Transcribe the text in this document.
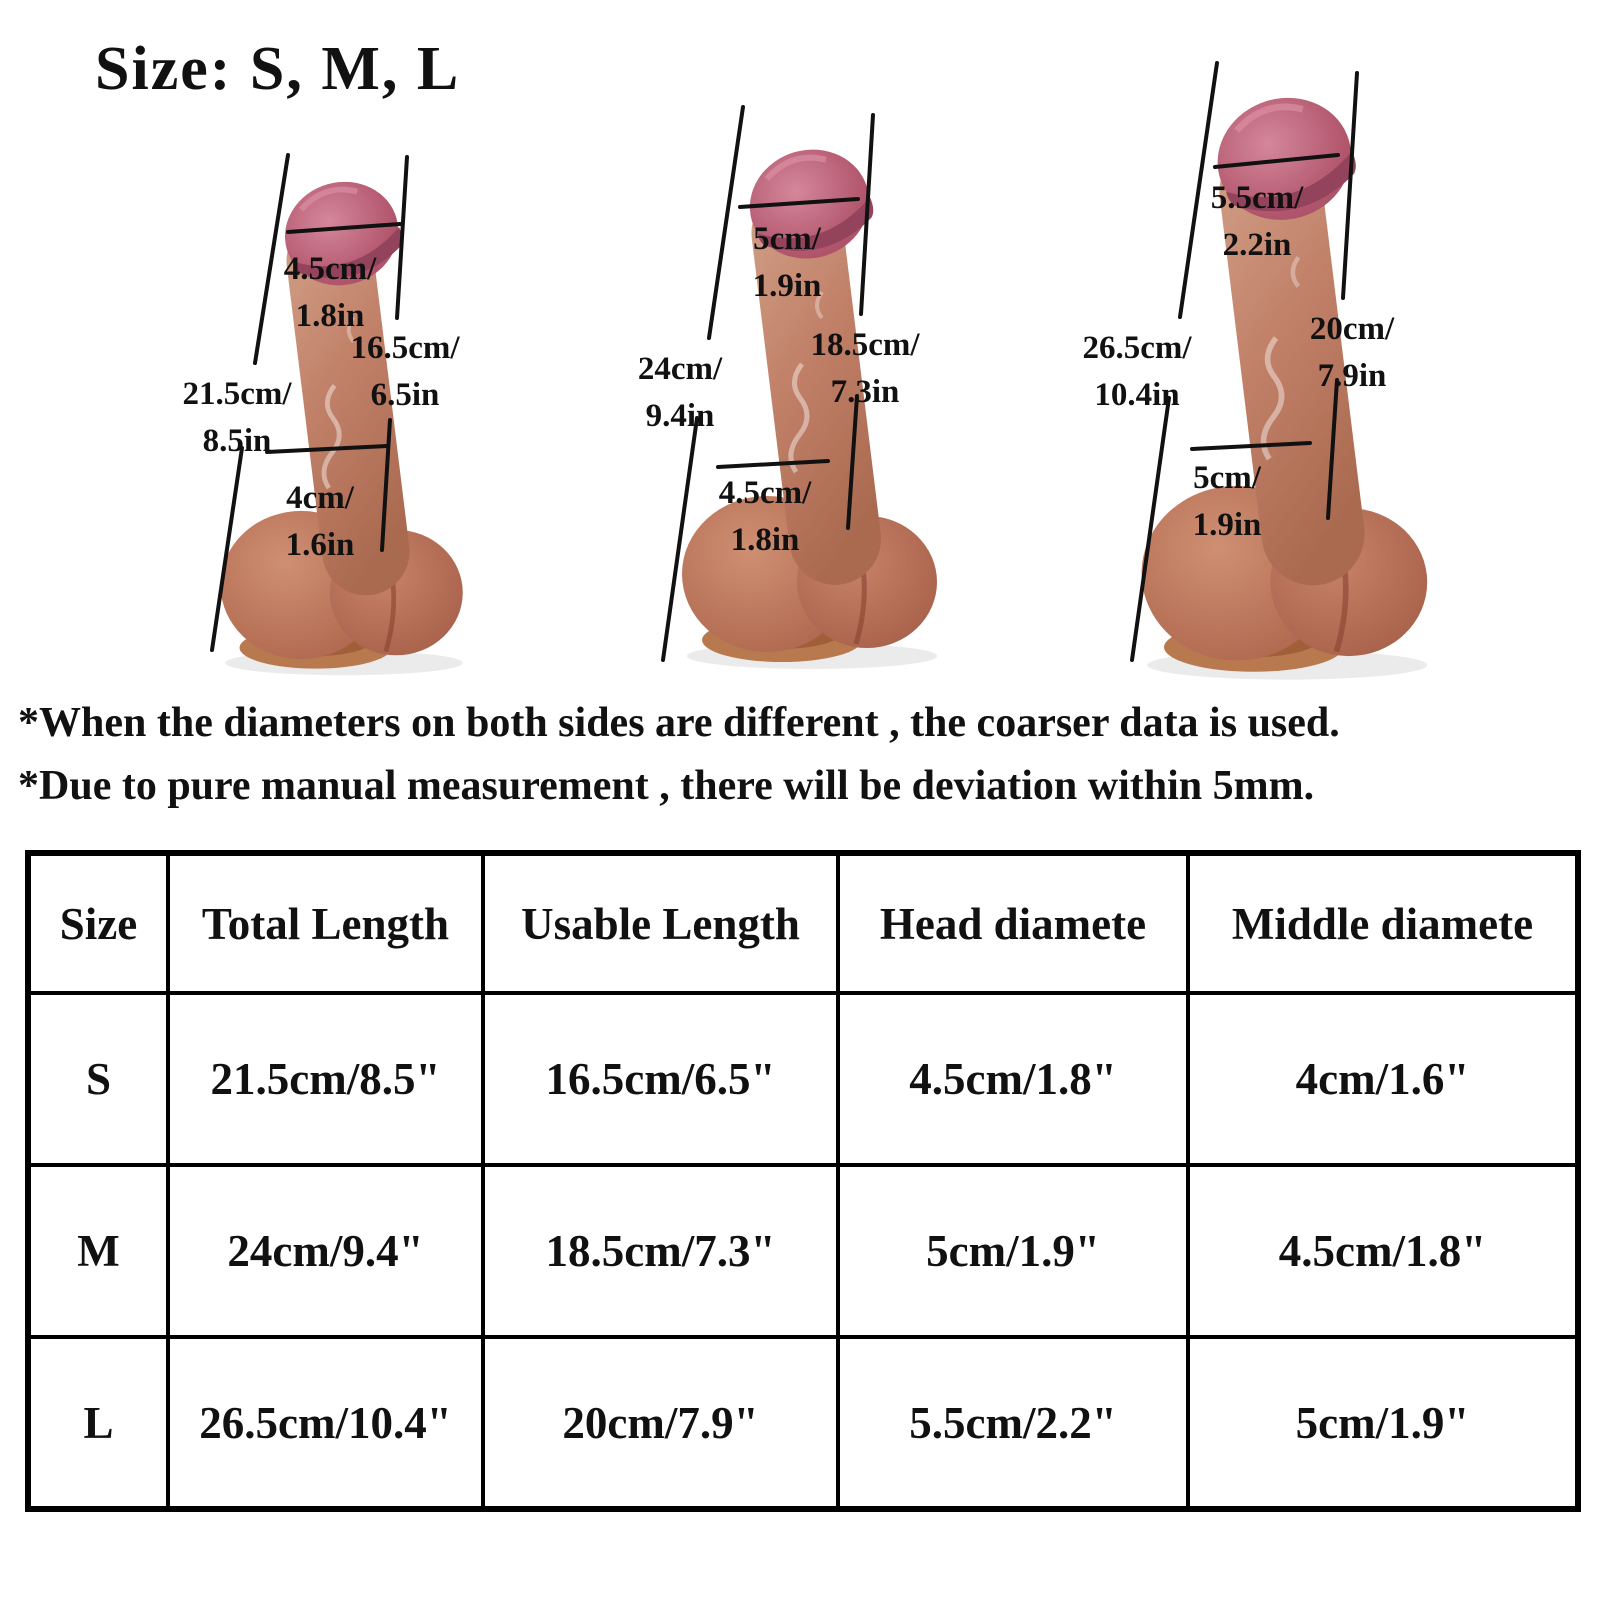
Size: S, M, L
4.5cm/
1.8in
16.5cm/
6.5in
21.5cm/
8.5in
4cm/
1.6in
5cm/
1.9in
18.5cm/
7.3in
24cm/
9.4in
4.5cm/
1.8in
5.5cm/
2.2in
20cm/
7.9in
26.5cm/
10.4in
5cm/
1.9in
*When the diameters on both sides are different , the coarser data is used.
*Due to pure manual measurement , there will be deviation within 5mm.
Size	Total Length	Usable Length	Head diamete	Middle diamete
S	21.5cm/8.5"	16.5cm/6.5"	4.5cm/1.8"	4cm/1.6"
M	24cm/9.4"	18.5cm/7.3"	5cm/1.9"	4.5cm/1.8"
L	26.5cm/10.4"	20cm/7.9"	5.5cm/2.2"	5cm/1.9"
